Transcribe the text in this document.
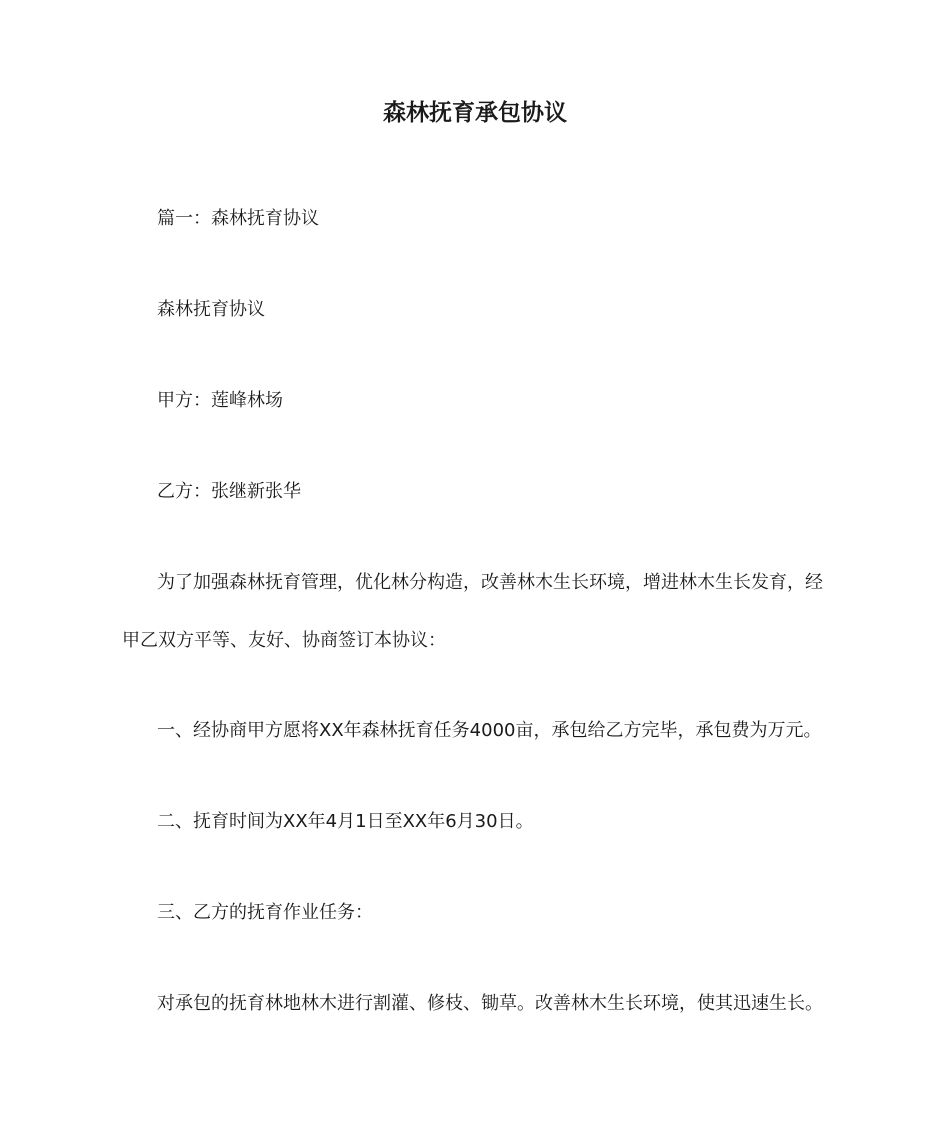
森林抚育承包协议
篇一：森林抚育协议
森林抚育协议
甲方：莲峰林场
乙方：张继新张华
为了加强森林抚育管理，优化林分构造，改善林木生长环境，增进林木生长发育，经
甲乙双方平等、友好、协商签订本协议：
一、经协商甲方愿将XX年森林抚育任务4000亩，承包给乙方完毕，承包费为万元。
二、抚育时间为XX年4月1日至XX年6月30日。
三、乙方的抚育作业任务：
对承包的抚育林地林木进行割灌、修枝、锄草。改善林木生长环境，使其迅速生长。
